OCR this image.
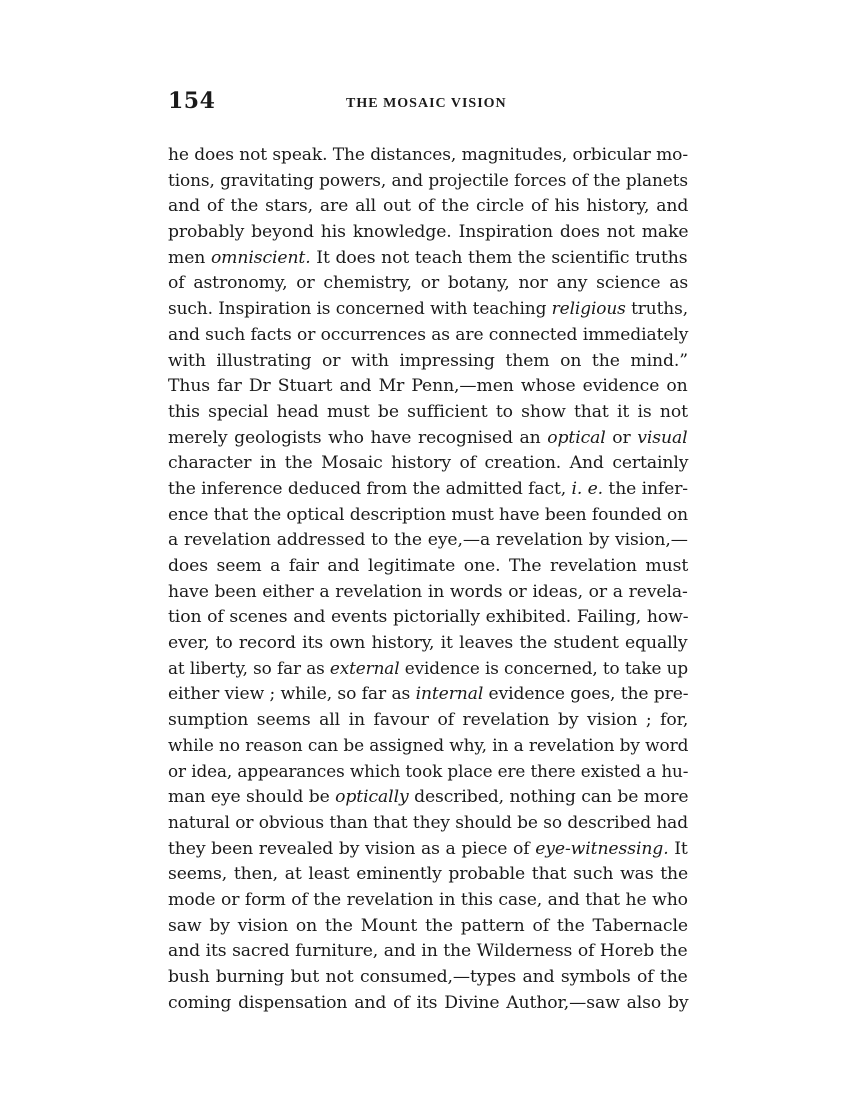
154	THE MOSAIC VISION
he does not speak. The distances, magnitudes, orbicular mo-
tions, gravitating powers, and projectile forces of the planets
and of the stars, are all out of the circle of his history, and
probably beyond his knowledge. Inspiration does not make
men omniscient. It does not teach them the scientific truths
of astronomy, or chemistry, or botany, nor any science as
such. Inspiration is concerned with teaching religious truths,
and such facts or occurrences as are connected immediately
with illustrating or with impressing them on the mind.”
Thus far Dr Stuart and Mr Penn,—men whose evidence on
this special head must be sufficient to show that it is not
merely geologists who have recognised an optical or visual
character in the Mosaic history of creation. And certainly
the inference deduced from the admitted fact, i. e. the infer-
ence that the optical description must have been founded on
a revelation addressed to the eye,—a revelation by vision,—
does seem a fair and legitimate one. The revelation must
have been either a revelation in words or ideas, or a revela-
tion of scenes and events pictorially exhibited. Failing, how-
ever, to record its own history, it leaves the student equally
at liberty, so far as external evidence is concerned, to take up
either view ; while, so far as internal evidence goes, the pre-
sumption seems all in favour of revelation by vision ; for,
while no reason can be assigned why, in a revelation by word
or idea, appearances which took place ere there existed a hu-
man eye should be optically described, nothing can be more
natural or obvious than that they should be so described had
they been revealed by vision as a piece of eye-witnessing. It
seems, then, at least eminently probable that such was the
mode or form of the revelation in this case, and that he who
saw by vision on the Mount the pattern of the Tabernacle
and its sacred furniture, and in the Wilderness of Horeb the
bush burning but not consumed,—types and symbols of the
coming dispensation and of its Divine Author,—saw also by
